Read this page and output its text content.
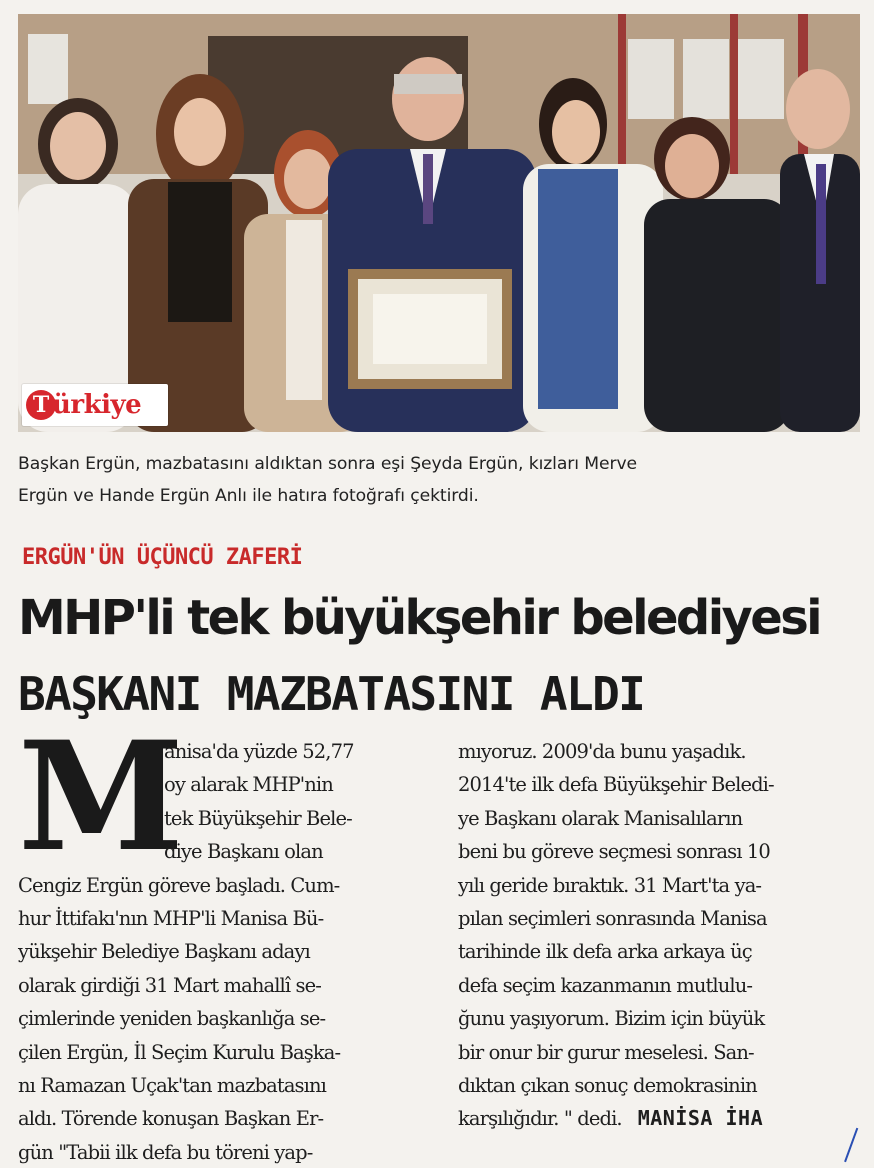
T ürkiye
Başkan Ergün, mazbatasını aldıktan sonra eşi Şeyda Ergün, kızları Merve
Ergün ve Hande Ergün Anlı ile hatıra fotoğrafı çektirdi.
ERGÜN'ÜN ÜÇÜNCÜ ZAFERİ
MHP'li tek büyükşehir belediyesi
BAŞKANI MAZBATASINI ALDI
M
anisa'da yüzde 52,77
oy alarak MHP'nin
tek Büyükşehir Bele-
diye Başkanı olan
Cengiz Ergün göreve başladı. Cum-
hur İttifakı'nın MHP'li Manisa Bü-
yükşehir Belediye Başkanı adayı
olarak girdiği 31 Mart mahallî se-
çimlerinde yeniden başkanlığa se-
çilen Ergün, İl Seçim Kurulu Başka-
nı Ramazan Uçak'tan mazbatasını
aldı. Törende konuşan Başkan Er-
gün "Tabii ilk defa bu töreni yap-
mıyoruz. 2009'da bunu yaşadık.
2014'te ilk defa Büyükşehir Beledi-
ye Başkanı olarak Manisalıların
beni bu göreve seçmesi sonrası 10
yılı geride bıraktık. 31 Mart'ta ya-
pılan seçimleri sonrasında Manisa
tarihinde ilk defa arka arkaya üç
defa seçim kazanmanın mutlulu-
ğunu yaşıyorum. Bizim için büyük
bir onur bir gurur meselesi. San-
dıktan çıkan sonuç demokrasinin
karşılığıdır. " dedi. MANİSA İHA
